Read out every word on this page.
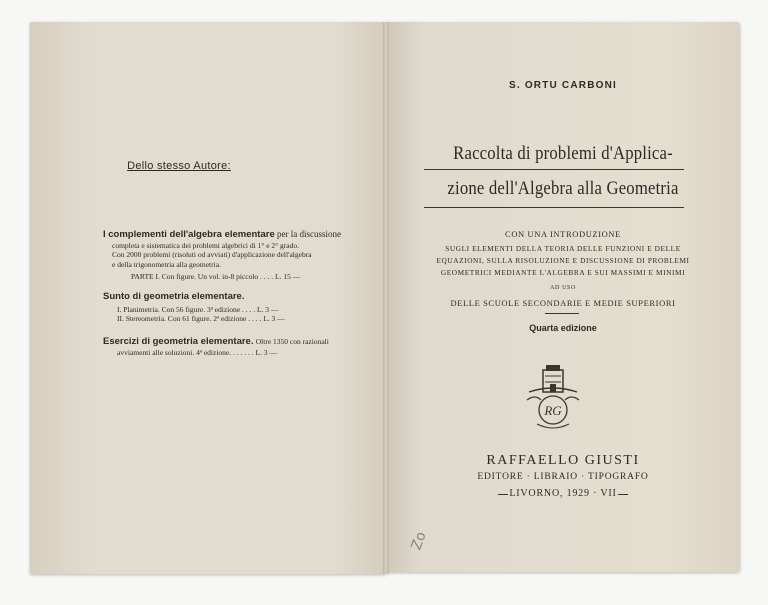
Dello stesso Autore:
I complementi dell'algebra elementare per la discussione
completa e sistematica dei problemi algebrici di 1° e 2° grado.
Con 2000 problemi (risoluti od avviati) d'applicazione dell'algebra
e della trigonometria alla geometria.
PARTE I. Con figure. Un vol. in-8 piccolo . . . . L. 15 —
Sunto di geometria elementare.
I. Planimetria. Con 56 figure. 3ª edizione . . . . L. 3 —
II. Stereometria. Con 61 figure. 2ª edizione . . . . L. 3 —
Esercizi di geometria elementare. Oltre 1350 con razionali
avviamenti alle soluzioni. 4ª edizione. . . . . . . L. 3 —
S. ORTU CARBONI
Raccolta di problemi d'Applica-
zione dell'Algebra alla Geometria
CON UNA INTRODUZIONE
SUGLI ELEMENTI DELLA TEORIA DELLE FUNZIONI E DELLE
EQUAZIONI, SULLA RISOLUZIONE E DISCUSSIONE DI PROBLEMI
GEOMETRICI MEDIANTE L'ALGEBRA E SUI MASSIMI E MINIMI
AD USO
DELLE SCUOLE SECONDARIE E MEDIE SUPERIORI
Quarta edizione
RG
RAFFAELLO GIUSTI
EDITORE · LIBRAIO · TIPOGRAFO
LIVORNO, 1929 · VII
Zo
